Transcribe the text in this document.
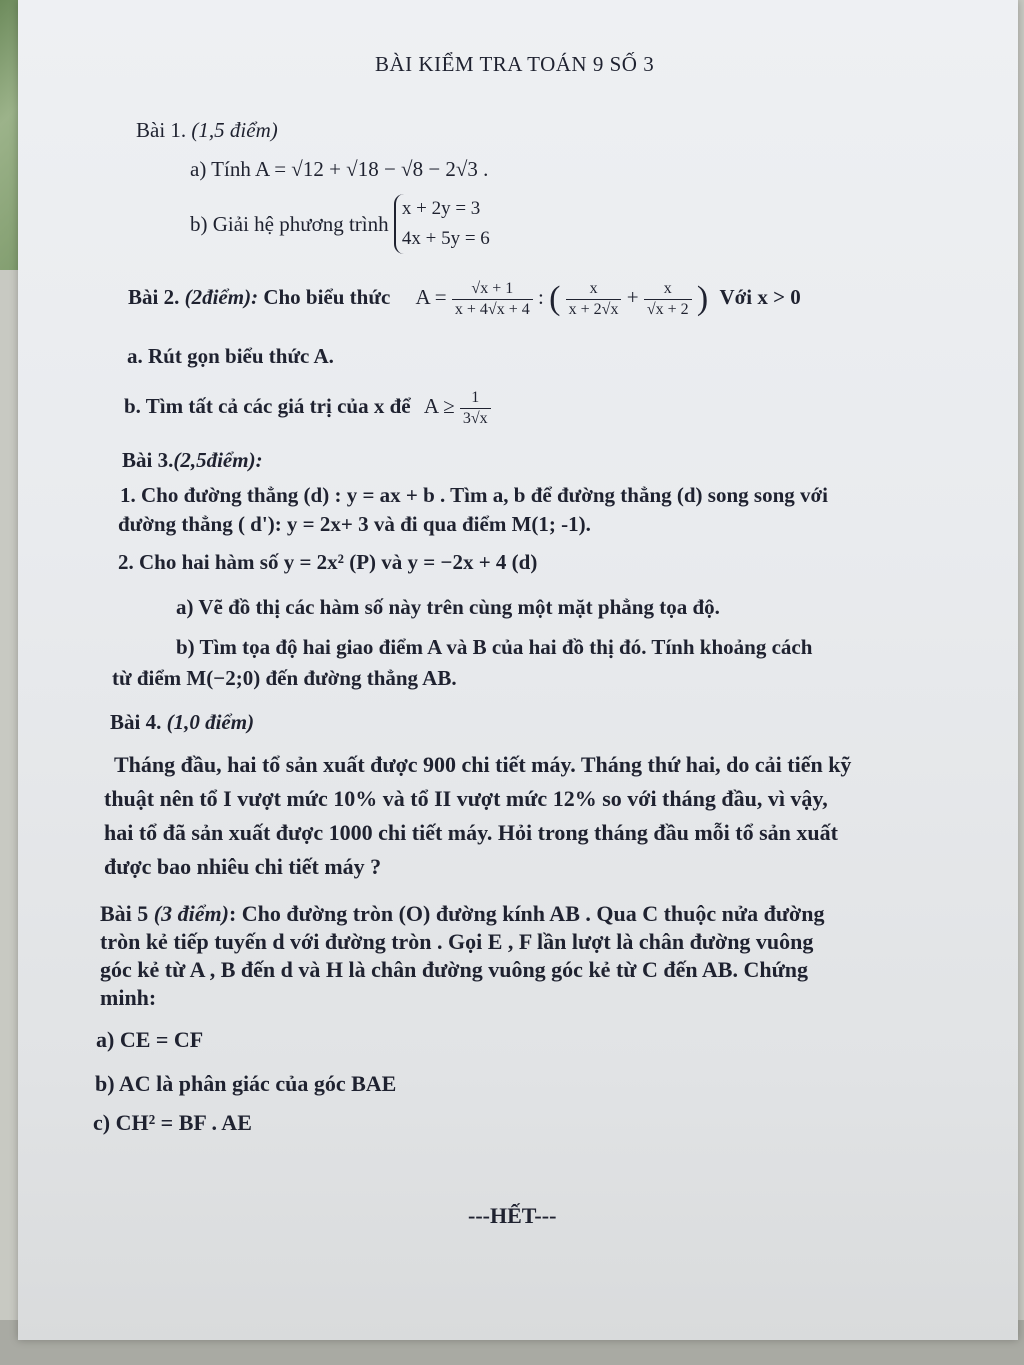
BÀI KIỂM TRA TOÁN 9 SỐ 3
Bài 1. (1,5 điểm)
a) Tính A = √12 + √18 − √8 − 2√3 .
b) Giải hệ phương trình
x + 2y = 3
4x + 5y = 6
Bài 2. (2điểm): Cho biểu thức $A = \frac{√x + 1}{x + 4√x + 4}$ : ( $\frac{x}{x + 2√x} + \frac{x}{√x + 2}$ ) Với x > 0
a. Rút gọn biểu thức A.
b. Tìm tất cả các giá trị của x để $A \ge \frac{1}{3√x}$
Bài 3.(2,5điểm):
1. Cho đường thẳng (d) : y = ax + b . Tìm a, b để đường thẳng (d) song song với
đường thẳng ( d'): y = 2x+ 3 và đi qua điểm M(1; -1).
2. Cho hai hàm số y = 2x² (P) và y = −2x + 4 (d)
a) Vẽ đồ thị các hàm số này trên cùng một mặt phẳng tọa độ.
b) Tìm tọa độ hai giao điểm A và B của hai đồ thị đó. Tính khoảng cách
từ điểm M(−2;0) đến đường thẳng AB.
Bài 4. (1,0 điểm)
Tháng đầu, hai tổ sản xuất được 900 chi tiết máy. Tháng thứ hai, do cải tiến kỹ
thuật nên tổ I vượt mức 10% và tổ II vượt mức 12% so với tháng đầu, vì vậy,
hai tổ đã sản xuất được 1000 chi tiết máy. Hỏi trong tháng đầu mỗi tổ sản xuất
được bao nhiêu chi tiết máy ?
Bài 5 (3 điểm): Cho đường tròn (O) đường kính AB . Qua C thuộc nửa đường
tròn kẻ tiếp tuyến d với đường tròn . Gọi E , F lần lượt là chân đường vuông
góc kẻ từ A , B đến d và H là chân đường vuông góc kẻ từ C đến AB. Chứng
minh:
a) CE = CF
b) AC là phân giác của góc BAE
c) CH² = BF . AE
---HẾT---
